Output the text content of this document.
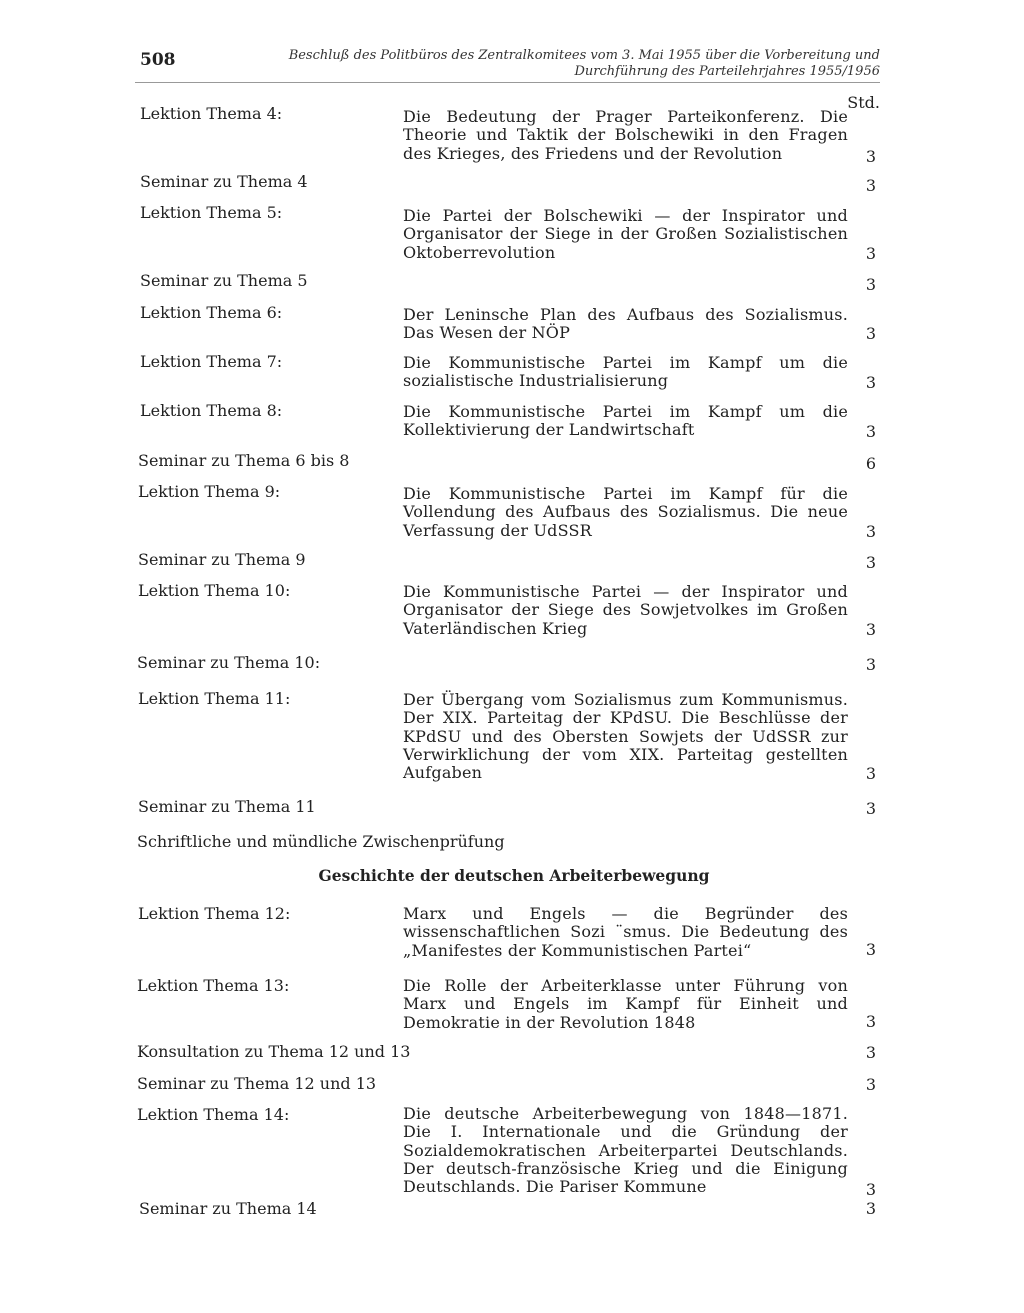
508	Beschluß des Politbüros des Zentralkomitees vom 3. Mai 1955 über die Vorbereitung und Durchführung des Parteilehrjahres 1955/1956
Std.
Lektion Thema 4:	Die Bedeutung der Prager Parteikonferenz. Die Theorie und Taktik der Bolschewiki in den Fragen des Krieges, des Friedens und der Revolution	3
Seminar zu Thema 4	3
Lektion Thema 5:	Die Partei der Bolschewiki — der Inspirator und Organisator der Siege in der Großen Sozialistischen Oktoberrevolution	3
Seminar zu Thema 5	3
Lektion Thema 6:	Der Leninsche Plan des Aufbaus des Sozialismus. Das Wesen der NÖP	3
Lektion Thema 7:	Die Kommunistische Partei im Kampf um die sozialistische Industrialisierung	3
Lektion Thema 8:	Die Kommunistische Partei im Kampf um die Kollektivierung der Landwirtschaft	3
Seminar zu Thema 6 bis 8	6
Lektion Thema 9:	Die Kommunistische Partei im Kampf für die Vollendung des Aufbaus des Sozialismus. Die neue Verfassung der UdSSR	3
Seminar zu Thema 9	3
Lektion Thema 10:	Die Kommunistische Partei — der Inspirator und Organisator der Siege des Sowjetvolkes im Großen Vaterländischen Krieg	3
Seminar zu Thema 10:	3
Lektion Thema 11:	Der Übergang vom Sozialismus zum Kommunismus. Der XIX. Parteitag der KPdSU. Die Beschlüsse der KPdSU und des Obersten Sowjets der UdSSR zur Verwirklichung der vom XIX. Parteitag gestellten Aufgaben	3
Seminar zu Thema 11	3
Schriftliche und mündliche Zwischenprüfung
Geschichte der deutschen Arbeiterbewegung
Lektion Thema 12:	Marx und Engels — die Begründer des wissenschaftlichen Sozi ¨smus. Die Bedeutung des „Manifestes der Kommunistischen Partei“	3
Lektion Thema 13:	Die Rolle der Arbeiterklasse unter Führung von Marx und Engels im Kampf für Einheit und Demokratie in der Revolution 1848	3
Konsultation zu Thema 12 und 13	3
Seminar zu Thema 12 und 13	3
Lektion Thema 14:	Die deutsche Arbeiterbewegung von 1848—1871. Die I. Internationale und die Gründung der Sozialdemokratischen Arbeiterpartei Deutschlands. Der deutsch-französische Krieg und die Einigung Deutschlands. Die Pariser Kommune	3
Seminar zu Thema 14	3
